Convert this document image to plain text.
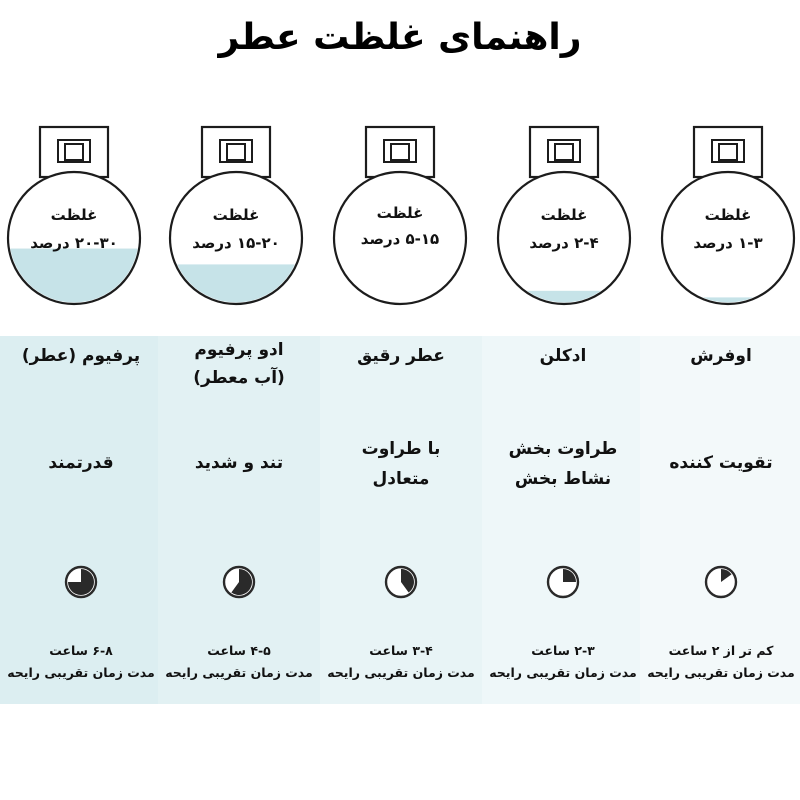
راهنمای غلظت عطر
غلظت
۲۰-۳۰ درصد
غلظت
۱۵-۲۰ درصد
غلظت
۵-۱۵ درصد
غلظت
۲-۴ درصد
غلظت
۱-۳ درصد
پرفیوم (عطر)
قدرتمند
۶-۸ ساعت
مدت زمان تقریبی رایحه
ادو پرفیوم
(آب معطر)
تند و شدید
۴-۵ ساعت
مدت زمان تقریبی رایحه
عطر رقیق
با طراوت
متعادل
۳-۴ ساعت
مدت زمان تقریبی رایحه
ادکلن
طراوت بخش
نشاط بخش
۲-۳ ساعت
مدت زمان تقریبی رایحه
اوفرش
تقویت کننده
کم تر از ۲ ساعت
مدت زمان تقریبی رایحه
